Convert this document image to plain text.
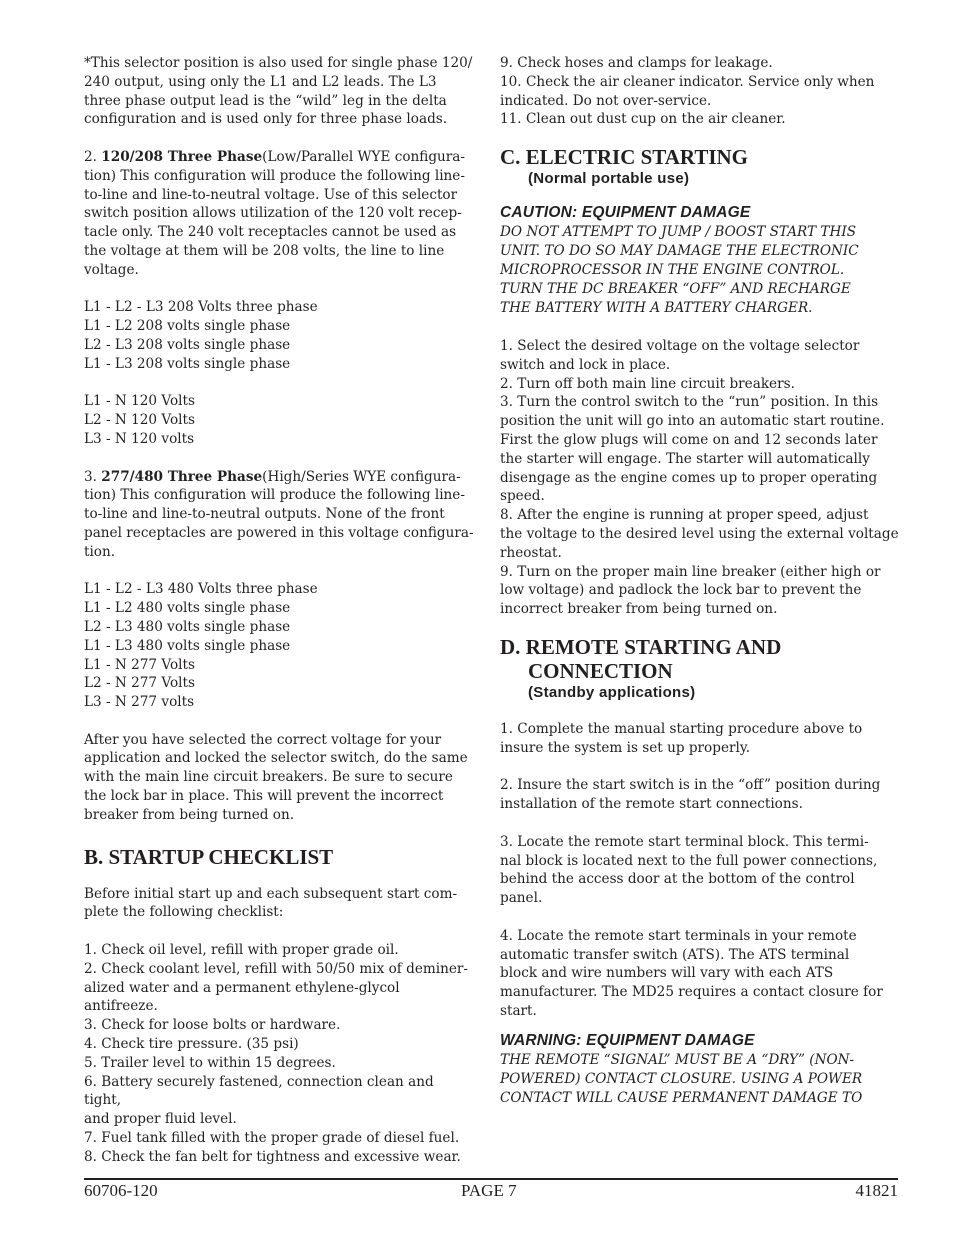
*This selector position is also used for single phase 120/
240 output, using only the L1 and L2 leads. The L3
three phase output lead is the “wild” leg in the delta
configuration and is used only for three phase loads.

2. 120/208 Three Phase(Low/Parallel WYE configura-
tion) This configuration will produce the following line-
to-line and line-to-neutral voltage. Use of this selector
switch position allows utilization of the 120 volt recep-
tacle only. The 240 volt receptacles cannot be used as
the voltage at them will be 208 volts, the line to line
voltage.

L1 - L2 - L3 208 Volts three phase
L1 - L2 208 volts single phase
L2 - L3 208 volts single phase
L1 - L3 208 volts single phase

L1 - N 120 Volts
L2 - N 120 Volts
L3 - N 120 volts

3. 277/480 Three Phase(High/Series WYE configura-
tion) This configuration will produce the following line-
to-line and line-to-neutral outputs. None of the front
panel receptacles are powered in this voltage configura-
tion.

L1 - L2 - L3 480 Volts three phase
L1 - L2 480 volts single phase
L2 - L3 480 volts single phase
L1 - L3 480 volts single phase
L1 - N 277 Volts
L2 - N 277 Volts
L3 - N 277 volts

After you have selected the correct voltage for your
application and locked the selector switch, do the same
with the main line circuit breakers. Be sure to secure
the lock bar in place. This will prevent the incorrect
breaker from being turned on.

B. STARTUP CHECKLIST

Before initial start up and each subsequent start com-
plete the following checklist:

1. Check oil level, refill with proper grade oil.
2. Check coolant level, refill with 50/50 mix of deminer-
alized water and a permanent ethylene-glycol antifreeze.
3. Check for loose bolts or hardware.
4. Check tire pressure. (35 psi)
5. Trailer level to within 15 degrees.
6. Battery securely fastened, connection clean and tight,
and proper fluid level.
7. Fuel tank filled with the proper grade of diesel fuel.
8. Check the fan belt for tightness and excessive wear.

9. Check hoses and clamps for leakage.
10. Check the air cleaner indicator. Service only when
indicated. Do not over-service.
11. Clean out dust cup on the air cleaner.

C. ELECTRIC STARTING

(Normal portable use)

CAUTION: EQUIPMENT DAMAGE

DO NOT ATTEMPT TO JUMP / BOOST START THIS
UNIT. TO DO SO MAY DAMAGE THE ELECTRONIC
MICROPROCESSOR IN THE ENGINE CONTROL.
TURN THE DC BREAKER “OFF” AND RECHARGE
THE BATTERY WITH A BATTERY CHARGER.

1. Select the desired voltage on the voltage selector
switch and lock in place.
2. Turn off both main line circuit breakers.
3. Turn the control switch to the “run” position. In this
position the unit will go into an automatic start routine.
First the glow plugs will come on and 12 seconds later
the starter will engage. The starter will automatically
disengage as the engine comes up to proper operating
speed.
8. After the engine is running at proper speed, adjust
the voltage to the desired level using the external voltage
rheostat.
9. Turn on the proper main line breaker (either high or
low voltage) and padlock the lock bar to prevent the
incorrect breaker from being turned on.

D. REMOTE STARTING AND
CONNECTION

(Standby applications)

1. Complete the manual starting procedure above to
insure the system is set up properly.

2. Insure the start switch is in the “off” position during
installation of the remote start connections.

3. Locate the remote start terminal block. This termi-
nal block is located next to the full power connections,
behind the access door at the bottom of the control panel.

4. Locate the remote start terminals in your remote
automatic transfer switch (ATS). The ATS terminal
block and wire numbers will vary with each ATS
manufacturer. The MD25 requires a contact closure for
start.

WARNING: EQUIPMENT DAMAGE

THE REMOTE “SIGNAL” MUST BE A “DRY” (NON-
POWERED) CONTACT CLOSURE. USING A POWER
CONTACT WILL CAUSE PERMANENT DAMAGE TO

60706-120	PAGE 7	41821
